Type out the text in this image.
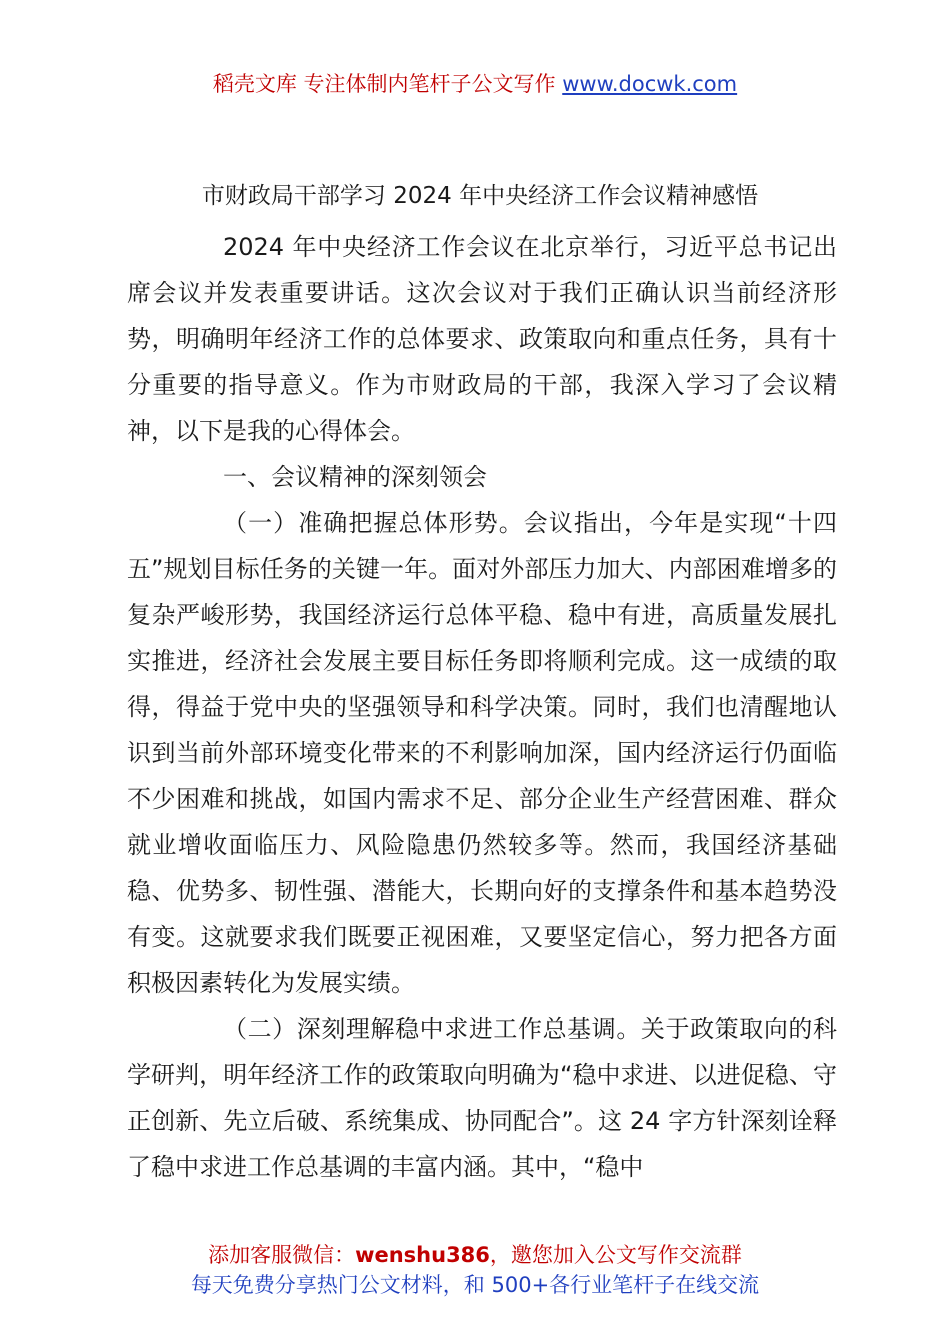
稻壳文库 专注体制内笔杆子公文写作 www.docwk.com
市财政局干部学习 2024 年中央经济工作会议精神感悟

2024 年中央经济工作会议在北京举行，习近平总书记出席会议并发表重要讲话。这次会议对于我们正确认识当前经济形势，明确明年经济工作的总体要求、政策取向和重点任务，具有十分重要的指导意义。作为市财政局的干部，我深入学习了会议精神，以下是我的心得体会。

一、会议精神的深刻领会

（一）准确把握总体形势。会议指出，今年是实现“十四五”规划目标任务的关键一年。面对外部压力加大、内部困难增多的复杂严峻形势，我国经济运行总体平稳、稳中有进，高质量发展扎实推进，经济社会发展主要目标任务即将顺利完成。这一成绩的取得，得益于党中央的坚强领导和科学决策。同时，我们也清醒地认识到当前外部环境变化带来的不利影响加深，国内经济运行仍面临不少困难和挑战，如国内需求不足、部分企业生产经营困难、群众就业增收面临压力、风险隐患仍然较多等。然而，我国经济基础稳、优势多、韧性强、潜能大，长期向好的支撑条件和基本趋势没有变。这就要求我们既要正视困难，又要坚定信心，努力把各方面积极因素转化为发展实绩。

（二）深刻理解稳中求进工作总基调。关于政策取向的科学研判，明年经济工作的政策取向明确为“稳中求进、以进促稳、守正创新、先立后破、系统集成、协同配合”。这 24 字方针深刻诠释了稳中求进工作总基调的丰富内涵。其中，“稳中

添加客服微信：wenshu386，邀您加入公文写作交流群
每天免费分享热门公文材料，和 500+各行业笔杆子在线交流
